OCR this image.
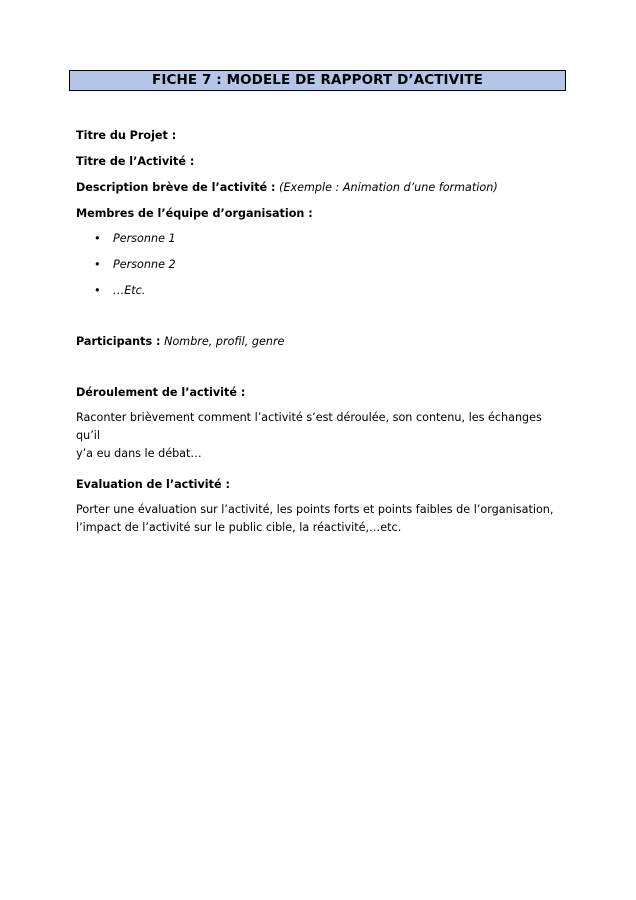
FICHE 7 : MODELE DE RAPPORT D’ACTIVITE
Titre du Projet :
Titre de l’Activité :
Description brève de l’activité : (Exemple : Animation d’une formation)
Membres de l’équipe d’organisation :
• Personne 1
• Personne 2
• …Etc.
Participants : Nombre, profil, genre
Déroulement de l’activité :
Raconter brièvement comment l’activité s’est déroulée, son contenu, les échanges qu’il
y’a eu dans le débat…
Evaluation de l’activité :
Porter une évaluation sur l’activité, les points forts et points faibles de l’organisation,
l’impact de l’activité sur le public cible, la réactivité,…etc.
